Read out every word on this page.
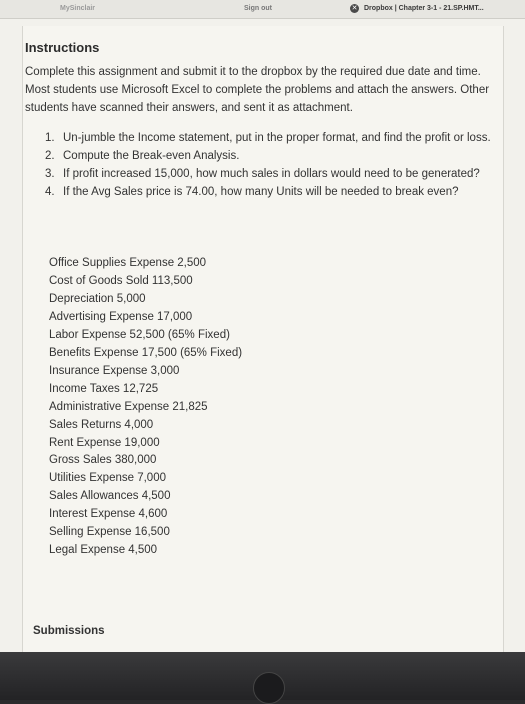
MySinclair	Sign out	✕ Dropbox | Chapter 3-1 - 21.SP.HMT...
Instructions
Complete this assignment and submit it to the dropbox by the required due date and time. Most students use Microsoft Excel to complete the problems and attach the answers. Other students have scanned their answers, and sent it as attachment.
1. Un-jumble the Income statement, put in the proper format, and find the profit or loss.
2. Compute the Break-even Analysis.
3. If profit increased 15,000, how much sales in dollars would need to be generated?
4. If the Avg Sales price is 74.00, how many Units will be needed to break even?
Office Supplies Expense 2,500
Cost of Goods Sold 113,500
Depreciation 5,000
Advertising Expense 17,000
Labor Expense 52,500 (65% Fixed)
Benefits Expense 17,500 (65% Fixed)
Insurance Expense 3,000
Income Taxes 12,725
Administrative Expense 21,825
Sales Returns 4,000
Rent Expense 19,000
Gross Sales 380,000
Utilities Expense 7,000
Sales Allowances 4,500
Interest Expense 4,600
Selling Expense 16,500
Legal Expense 4,500
Submissions
